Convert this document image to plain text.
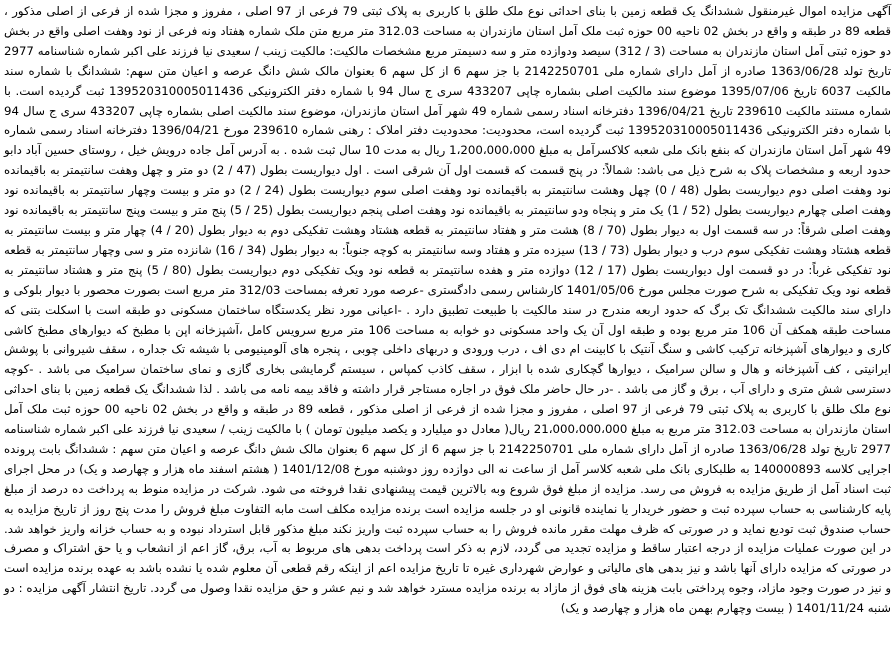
آگهی مزایده اموال غیرمنقول ششدانگ یک قطعه زمین با بنای احداثی نوع ملک طلق با کاربری به پلاک ثبتی 79 فرعی از 97 اصلی ، مفروز و مجزا شده از فرعی از اصلی مذکور ، قطعه 89 در طبقه و واقع در بخش 02 ناحیه 00 حوزه ثبت ملک آمل استان مازندران به مساحت 312.03 متر مربع متن ملک شماره هفتاد ونه فرعی از نود وهفت اصلی واقع در بخش دو حوزه ثبتی آمل استان مازندران به مساحت (3 / 312) سیصد ودوازده متر و سه دسیمتر مربع مشخصات مالکیت: مالکیت زینب / سعیدی نیا فرزند علی اکبر شماره شناسنامه 2977 تاریخ تولد 1363/06/28 صادره از آمل دارای شماره ملی 2142250701 با جز سهم 6 از کل سهم 6 بعنوان مالک شش دانگ عرصه و اعیان متن سهم: ششدانگ با شماره سند مالکیت 6037 تاریخ 1395/07/06 موضوع سند مالکیت اصلی بشماره چاپی 433207 سری ج سال 94 با شماره دفتر الکترونیکی 139520310005011436 ثبت گردیده است. با شماره مستند مالکیت 239610 تاریخ 1396/04/21 دفترخانه اسناد رسمی شماره 49 شهر آمل استان مازندران، موضوع سند مالکیت اصلی بشماره چاپی 433207 سری ج سال 94 با شماره دفتر الکترونیکی 139520310005011436 ثبت گردیده است، محدودیت: محدودیت دفتر املاک : رهنی شماره 239610 مورخ 1396/04/21 دفترخانه اسناد رسمی شماره 49 شهر آمل استان مازندران که بنفع بانک ملی شعبه کلاکسرآمل به مبلغ 1،200،000،000 ریال به مدت 10 سال ثبت شده . به آدرس آمل جاده درویش خیل ، روستای حسین آباد دابو حدود اربعه و مشخصات پلاک به شرح ذیل می باشد: شمالاً: در پنج قسمت که قسمت اول آن شرقی است . اول دیواریست بطول (47 / 2) دو متر و چهل وهفت سانتیمتر به باقیمانده نود وهفت اصلی دوم دیواریست بطول (48 / 0) چهل وهشت سانتیمتر به باقیمانده نود وهفت اصلی سوم دیواریست بطول (24 / 2) دو متر و بیست وچهار سانتیمتر به باقیمانده نود وهفت اصلی چهارم دیواریست بطول (52 / 1) یک متر و پنجاه ودو سانتیمتر به باقیمانده نود وهفت اصلی پنجم دیواریست بطول (25 / 5) پنج متر و بیست وپنج سانتیمتر به باقیمانده نود وهفت اصلی شرقاً: در سه قسمت اول به دیوار بطول (70 / 8) هشت متر و هفتاد سانتیمتر به قطعه هشتاد وهشت تفکیکی دوم به دیوار بطول (20 / 4) چهار متر و بیست سانتیمتر به قطعه هشتاد وهشت تفکیکی سوم درب و دیوار بطول (73 / 13) سیزده متر و هفتاد وسه سانتیمتر به کوچه جنوباً: به دیوار بطول (34 / 16) شانزده متر و سی وچهار سانتیمتر به قطعه نود تفکیکی غرباً: در دو قسمت اول دیواریست بطول (17 / 12) دوازده متر و هفده سانتیمتر به قطعه نود ویک تفکیکی دوم دیواریست بطول (80 / 5) پنج متر و هشتاد سانتیمتر به قطعه نود ویک تفکیکی به شرح صورت مجلس مورخ 1401/05/06 کارشناس رسمی دادگستری -عرصه مورد تعرفه بمساحت 312/03 متر مربع است بصورت محصور با دیوار بلوکی و دارای سند مالکیت ششدانگ تک برگ که حدود اربعه مندرج در سند مالکیت با طبیعت تطبیق دارد . -اعیانی مورد نظر یکدستگاه ساختمان مسکونی دو طبقه است با اسکلت بتنی که مساحت طبقه همکف آن 106 متر مربع بوده و طبقه اول آن یک واحد مسکونی دو خوابه به مساحت 106 متر مربع سرویس کامل ،آشپزخانه اپن با مطبخ که دیوارهای مطبخ کاشی کاری و دیوارهای آشپزخانه ترکیب کاشی و سنگ آنتیک با کابینت ام دی اف ، درب ورودی و دربهای داخلی چوبی ، پنجره های آلومینیومی با شیشه تک جداره ، سقف شیروانی با پوشش ایرانیتی ، کف آشپزخانه و هال و سالن سرامیک ، دیوارها گچکاری شده با ابزار ، سقف کاذب کمپاس ، سیستم گرمایشی بخاری گازی و نمای ساختمان سرامیک می باشد . -کوچه دسترسی شش متری و دارای آب ، برق و گاز می باشد . -در حال حاضر ملک فوق در اجاره مستاجر قرار داشته و فاقد بیمه نامه می باشد . لذا ششدانگ یک قطعه زمین با بنای احداثی نوع ملک طلق با کاربری به پلاک ثبتی 79 فرعی از 97 اصلی ، مفروز و مجزا شده از فرعی از اصلی مذکور ، قطعه 89 در طبقه و واقع در بخش 02 ناحیه 00 حوزه ثبت ملک آمل استان مازندران به مساحت 312.03 متر مربع به مبلغ 21،000،000،000 ریال( معادل دو میلیارد و یکصد میلیون تومان ) با مالکیت زینب / سعیدی نیا فرزند علی اکبر شماره شناسنامه 2977 تاریخ تولد 1363/06/28 صادره از آمل دارای شماره ملی 2142250701 با جز سهم 6 از کل سهم 6 بعنوان مالک شش دانگ عرصه و اعیان متن سهم : ششدانگ بابت پرونده اجرایی کلاسه 140000893 به طلبکاری بانک ملی شعبه کلاسر آمل از ساعت نه الی دوازده روز دوشنبه مورخ 1401/12/08 ( هشتم اسفند ماه هزار و چهارصد و یک) در محل اجرای ثبت اسناد آمل از طریق مزایده به فروش می رسد. مزایده از مبلغ فوق شروع وبه بالاترین قیمت پیشنهادی نقدا فروخته می شود. شرکت در مزایده منوط به پرداخت ده درصد از مبلغ پایه کارشناسی به حساب سپرده ثبت و حضور خریدار یا نماینده قانونی او در جلسه مزایده است برنده مزایده مکلف است مابه التفاوت مبلغ فروش را مدت پنج روز از تاریخ مزایده به حساب صندوق ثبت توديع نمايد و در صورتی که ظرف مهلت مقرر مانده فروش را به حساب سپرده ثبت واریز نکند مبلغ مذکور قابل استرداد نبوده و به حساب خزانه واریز خواهد شد. در این صورت عملیات مزایده از درجه اعتبار ساقط و مزایده تجدید می گردد، لازم به ذکر است پرداخت بدهی های مربوط به آب، برق، گاز اعم از انشعاب و یا حق اشتراک و مصرف در صورتی که مزایده دارای آنها باشد و نیز بدهی های مالیاتی و عوارض شهرداری غیره تا تاریخ مزایده اعم از اینکه رقم قطعی آن معلوم شده یا نشده باشد به عهده برنده مزایده است و نیز در صورت وجود مازاد، وجوه پرداختی بابت هزینه های فوق از مازاد به برنده مزایده مسترد خواهد شد و نیم عشر و حق مزایده نقدا وصول می گردد. تاریخ انتشار آگهی مزایده : دو شنبه 1401/11/24 ( بیست وچهارم بهمن ماه هزار و چهارصد و یک)
